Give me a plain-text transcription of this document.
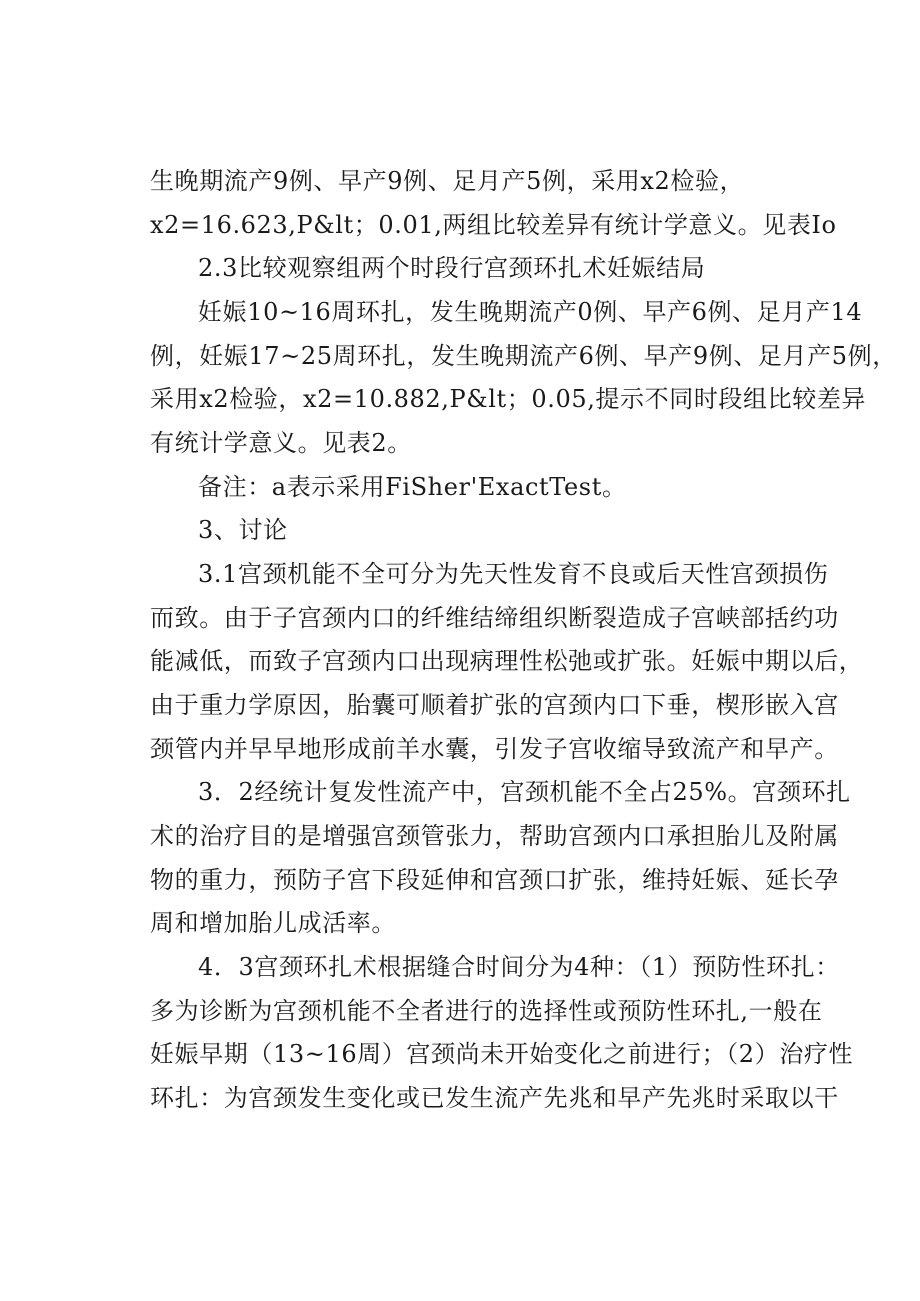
生晚期流产9例、早产9例、足月产5例，采用x2检验，
x2=16.623,P&lt；0.01,两组比较差异有统计学意义。见表Io
2.3比较观察组两个时段行宫颈环扎术妊娠结局
妊娠10~16周环扎，发生晚期流产0例、早产6例、足月产14
例，妊娠17~25周环扎，发生晚期流产6例、早产9例、足月产5例，
采用x2检验，x2=10.882,P&lt；0.05,提示不同时段组比较差异
有统计学意义。见表2。
备注：a表示采用FiSher'ExactTest。
3、讨论
3.1宫颈机能不全可分为先天性发育不良或后天性宫颈损伤
而致。由于子宫颈内口的纤维结缔组织断裂造成子宫峡部括约功
能减低，而致子宫颈内口出现病理性松弛或扩张。妊娠中期以后，
由于重力学原因，胎囊可顺着扩张的宫颈内口下垂，楔形嵌入宫
颈管内并早早地形成前羊水囊，引发子宫收缩导致流产和早产。
3．2经统计复发性流产中，宫颈机能不全占25%。宫颈环扎
术的治疗目的是增强宫颈管张力，帮助宫颈内口承担胎儿及附属
物的重力，预防子宫下段延伸和宫颈口扩张，维持妊娠、延长孕
周和增加胎儿成活率。
4．3宫颈环扎术根据缝合时间分为4种：（1）预防性环扎：
多为诊断为宫颈机能不全者进行的选择性或预防性环扎,一般在
妊娠早期（13~16周）宫颈尚未开始变化之前进行；（2）治疗性
环扎：为宫颈发生变化或已发生流产先兆和早产先兆时采取以干
